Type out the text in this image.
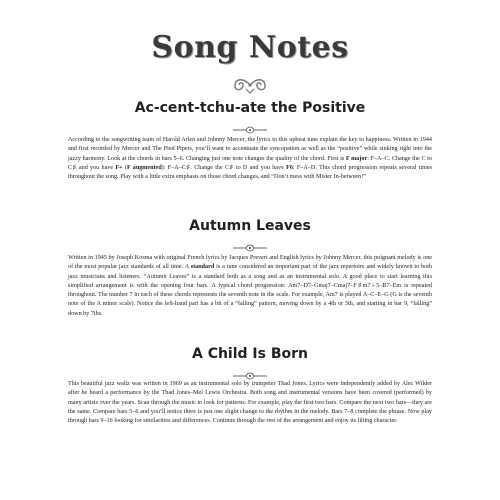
Song Notes
Ac-cent-tchu-ate the Positive
According to the songwriting team of Harold Arlen and Johnny Mercer, the lyrics to this upbeat tune explain the key to happiness. Written in 1944 and first recorded by Mercer and The Pied Pipers, you’ll want to accentuate the syncopation as well as the “positive” while sinking right into the jazzy harmony. Look at the chords in bars 5–6. Changing just one note changes the quality of the chord. First is F major: F–A–C. Change the C to C♯ and you have F+ (F augmented): F–A–C♯. Change the C♯ to D and you have F6: F–A–D. This chord progression repeats several times throughout the song. Play with a little extra emphasis on those chord changes, and “Don’t mess with Mister In-between!”
Autumn Leaves
Written in 1945 by Joseph Kosma with original French lyrics by Jacques Prevert and English lyrics by Johnny Mercer, this poignant melody is one of the most popular jazz standards of all time. A standard is a tune considered an important part of the jazz repertoire and widely known to both jazz musicians and listeners. “Autumn Leaves” is a standard both as a song and as an instrumental solo. A good place to start learning this simplified arrangement is with the opening four bars. A typical chord progression: Am7–D7–Gmaj7–Cmaj7–F♯m7♭5–B7–Em is repeated throughout. The number 7 in each of these chords represents the seventh note in the scale. For example, Am7 is played A–C–E–G (G is the seventh note of the A minor scale). Notice the left-hand part has a bit of a “falling” pattern, moving down by a 4th or 5th, and starting in bar 9, “falling” down by 7ths.
A Child Is Born
This beautiful jazz waltz was written in 1969 as an instrumental solo by trumpeter Thad Jones. Lyrics were independently added by Alec Wilder after he heard a performance by the Thad Jones–Mel Lewis Orchestra. Both song and instrumental versions have been covered (performed) by many artists over the years. Scan through the music to look for patterns. For example, play the first two bars. Compare the next two bars—they are the same. Compare bars 5–6 and you’ll notice there is just one slight change to the rhythm in the melody. Bars 7–8 complete the phrase. Now play through bars 9–16 looking for similarities and differences. Continue through the rest of the arrangement and enjoy its lilting character.
